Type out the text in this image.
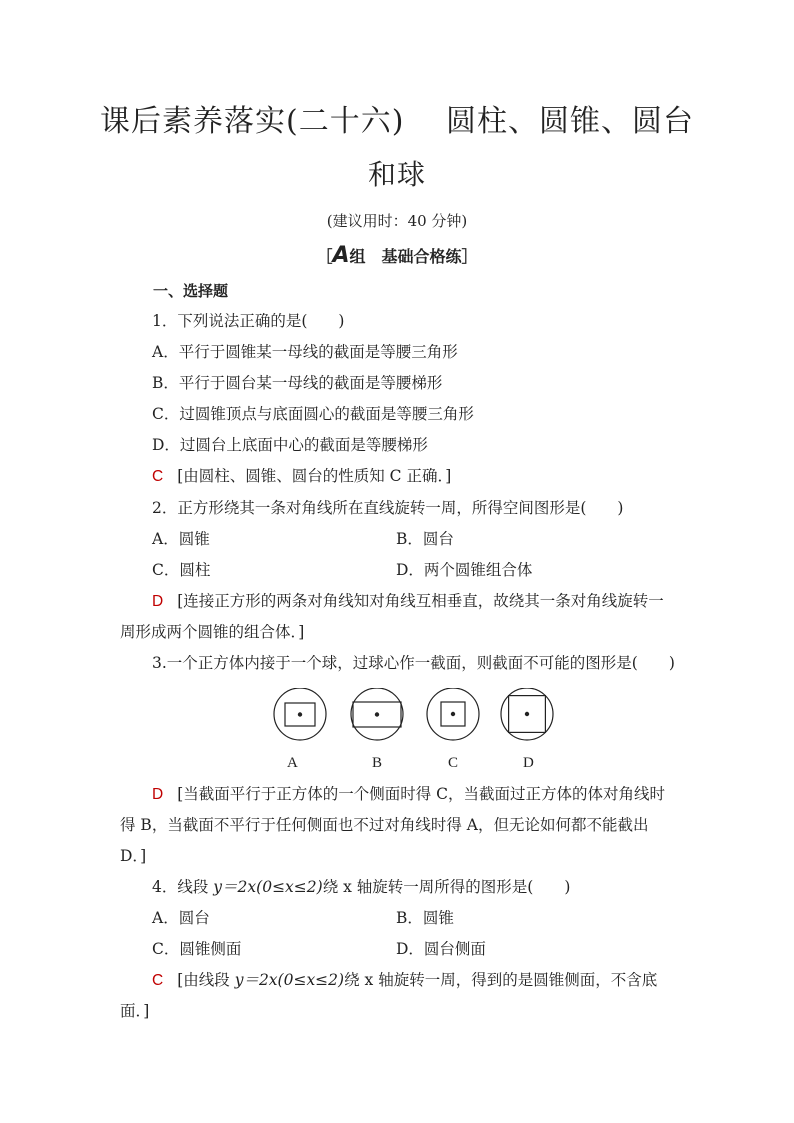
课后素养落实(二十六)　 圆柱、圆锥、圆台
和球
(建议用时：40 分钟)
［A组　基础合格练］
一、选择题
1．下列说法正确的是(　　)
A．平行于圆锥某一母线的截面是等腰三角形
B．平行于圆台某一母线的截面是等腰梯形
C．过圆锥顶点与底面圆心的截面是等腰三角形
D．过圆台上底面中心的截面是等腰梯形
C [由圆柱、圆锥、圆台的性质知 C 正确．]
2．正方形绕其一条对角线所在直线旋转一周，所得空间图形是(　　)
A．圆锥	B．圆台
C．圆柱	D．两个圆锥组合体
D [连接正方形的两条对角线知对角线互相垂直，故绕其一条对角线旋转一
周形成两个圆锥的组合体．]
3.一个正方体内接于一个球，过球心作一截面，则截面不可能的图形是(　　)
A	B	C	D
D [当截面平行于正方体的一个侧面时得 C，当截面过正方体的体对角线时
得 B，当截面不平行于任何侧面也不过对角线时得 A，但无论如何都不能截出
D．]
4．线段 y＝2x(0≤x≤2)绕 x 轴旋转一周所得的图形是(　　)
A．圆台	B．圆锥
C．圆锥侧面	D．圆台侧面
C [由线段 y＝2x(0≤x≤2)绕 x 轴旋转一周，得到的是圆锥侧面，不含底
面．]
